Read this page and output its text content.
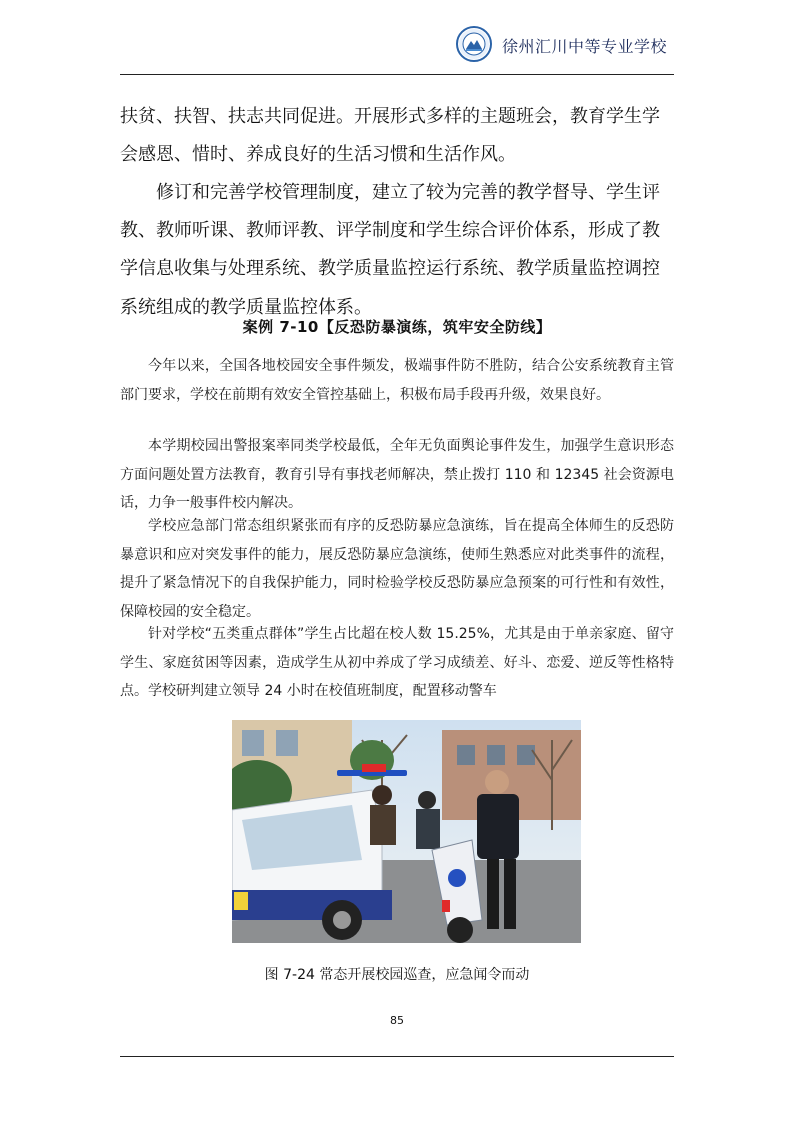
徐州汇川中等专业学校

扶贫、扶智、扶志共同促进。开展形式多样的主题班会，教育学生学会感恩、惜时、养成良好的生活习惯和生活作风。

修订和完善学校管理制度，建立了较为完善的教学督导、学生评教、教师听课、教师评教、评学制度和学生综合评价体系，形成了教学信息收集与处理系统、教学质量监控运行系统、教学质量监控调控系统组成的教学质量监控体系。

案例 7-10【反恐防暴演练，筑牢安全防线】

今年以来，全国各地校园安全事件频发，极端事件防不胜防，结合公安系统教育主管部门要求，学校在前期有效安全管控基础上，积极布局手段再升级，效果良好。

本学期校园出警报案率同类学校最低，全年无负面舆论事件发生，加强学生意识形态方面问题处置方法教育，教育引导有事找老师解决，禁止拨打 110 和 12345 社会资源电话，力争一般事件校内解决。

学校应急部门常态组织紧张而有序的反恐防暴应急演练，旨在提高全体师生的反恐防暴意识和应对突发事件的能力，展反恐防暴应急演练，使师生熟悉应对此类事件的流程，提升了紧急情况下的自我保护能力，同时检验学校反恐防暴应急预案的可行性和有效性，保障校园的安全稳定。

针对学校“五类重点群体”学生占比超在校人数 15.25%，尤其是由于单亲家庭、留守学生、家庭贫困等因素，造成学生从初中养成了学习成绩差、好斗、恋爱、逆反等性格特点。学校研判建立领导 24 小时在校值班制度，配置移动警车

图 7-24 常态开展校园巡查，应急闻令而动

85
